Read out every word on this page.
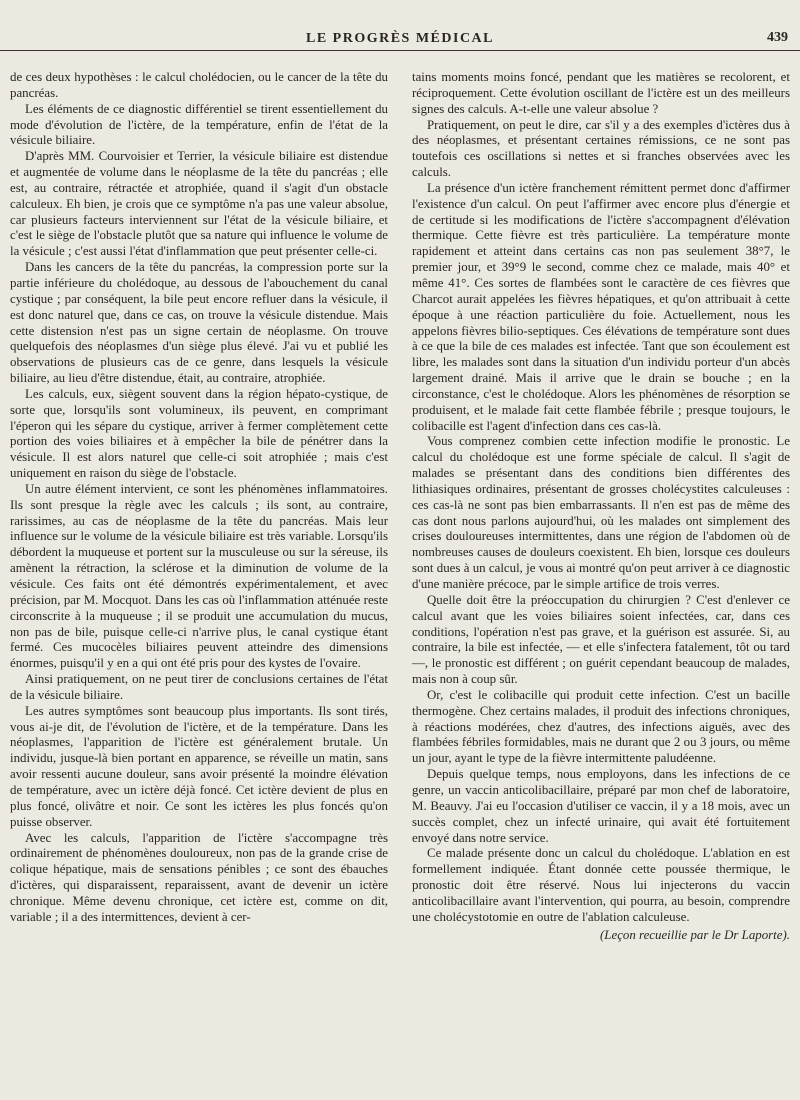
LE PROGRÈS MÉDICAL	439

de ces deux hypothèses : le calcul cholédocien, ou le cancer de la tête du pancréas.

Les éléments de ce diagnostic différentiel se tirent essentiellement du mode d'évolution de l'ictère, de la température, enfin de l'état de la vésicule biliaire.

D'après MM. Courvoisier et Terrier, la vésicule biliaire est distendue et augmentée de volume dans le néoplasme de la tête du pancréas ; elle est, au contraire, rétractée et atrophiée, quand il s'agit d'un obstacle calculeux. Eh bien, je crois que ce symptôme n'a pas une valeur absolue, car plusieurs facteurs interviennent sur l'état de la vésicule biliaire, et c'est le siège de l'obstacle plutôt que sa nature qui influence le volume de la vésicule ; c'est aussi l'état d'inflammation que peut présenter celle-ci.

Dans les cancers de la tête du pancréas, la compression porte sur la partie inférieure du cholédoque, au dessous de l'abouchement du canal cystique ; par conséquent, la bile peut encore refluer dans la vésicule, il est donc naturel que, dans ce cas, on trouve la vésicule distendue. Mais cette distension n'est pas un signe certain de néoplasme. On trouve quelquefois des néoplasmes d'un siège plus élevé. J'ai vu et publié les observations de plusieurs cas de ce genre, dans lesquels la vésicule biliaire, au lieu d'être distendue, était, au contraire, atrophiée.

Les calculs, eux, siègent souvent dans la région hépato-cystique, de sorte que, lorsqu'ils sont volumineux, ils peuvent, en comprimant l'éperon qui les sépare du cystique, arriver à fermer complètement cette portion des voies biliaires et à empêcher la bile de pénétrer dans la vésicule. Il est alors naturel que celle-ci soit atrophiée ; mais c'est uniquement en raison du siège de l'obstacle.

Un autre élément intervient, ce sont les phénomènes inflammatoires. Ils sont presque la règle avec les calculs ; ils sont, au contraire, rarissimes, au cas de néoplasme de la tête du pancréas. Mais leur influence sur le volume de la vésicule biliaire est très variable. Lorsqu'ils débordent la muqueuse et portent sur la musculeuse ou sur la séreuse, ils amènent la rétraction, la sclérose et la diminution de volume de la vésicule. Ces faits ont été démontrés expérimentalement, et avec précision, par M. Mocquot. Dans les cas où l'inflammation atténuée reste circonscrite à la muqueuse ; il se produit une accumulation du mucus, non pas de bile, puisque celle-ci n'arrive plus, le canal cystique étant fermé. Ces mucocèles biliaires peuvent atteindre des dimensions énormes, puisqu'il y en a qui ont été pris pour des kystes de l'ovaire.

Ainsi pratiquement, on ne peut tirer de conclusions certaines de l'état de la vésicule biliaire.

Les autres symptômes sont beaucoup plus importants. Ils sont tirés, vous ai-je dit, de l'évolution de l'ictère, et de la température. Dans les néoplasmes, l'apparition de l'ictère est généralement brutale. Un individu, jusque-là bien portant en apparence, se réveille un matin, sans avoir ressenti aucune douleur, sans avoir présenté la moindre élévation de température, avec un ictère déjà foncé. Cet ictère devient de plus en plus foncé, olivâtre et noir. Ce sont les ictères les plus foncés qu'on puisse observer.

Avec les calculs, l'apparition de l'ictère s'accompagne très ordinairement de phénomènes douloureux, non pas de la grande crise de colique hépatique, mais de sensations pénibles ; ce sont des ébauches d'ictères, qui disparaissent, reparaissent, avant de devenir un ictère chronique. Même devenu chronique, cet ictère est, comme on dit, variable ; il a des intermittences, devient à cer-

tains moments moins foncé, pendant que les matières se recolorent, et réciproquement. Cette évolution oscillant de l'ictère est un des meilleurs signes des calculs. A-t-elle une valeur absolue ?

Pratiquement, on peut le dire, car s'il y a des exemples d'ictères dus à des néoplasmes, et présentant certaines rémissions, ce ne sont pas toutefois ces oscillations si nettes et si franches observées avec les calculs.

La présence d'un ictère franchement rémittent permet donc d'affirmer l'existence d'un calcul. On peut l'affirmer avec encore plus d'énergie et de certitude si les modifications de l'ictère s'accompagnent d'élévation thermique. Cette fièvre est très particulière. La température monte rapidement et atteint dans certains cas non pas seulement 38°7, le premier jour, et 39°9 le second, comme chez ce malade, mais 40° et même 41°. Ces sortes de flambées sont le caractère de ces fièvres que Charcot aurait appelées les fièvres hépatiques, et qu'on attribuait à cette époque à une réaction particulière du foie. Actuellement, nous les appelons fièvres bilio-septiques. Ces élévations de température sont dues à ce que la bile de ces malades est infectée. Tant que son écoulement est libre, les malades sont dans la situation d'un individu porteur d'un abcès largement drainé. Mais il arrive que le drain se bouche ; en la circonstance, c'est le cholédoque. Alors les phénomènes de résorption se produisent, et le malade fait cette flambée fébrile ; presque toujours, le colibacille est l'agent d'infection dans ces cas-là.

Vous comprenez combien cette infection modifie le pronostic. Le calcul du cholédoque est une forme spéciale de calcul. Il s'agit de malades se présentant dans des conditions bien différentes des lithiasiques ordinaires, présentant de grosses cholécystites calculeuses : ces cas-là ne sont pas bien embarrassants. Il n'en est pas de même des cas dont nous parlons aujourd'hui, où les malades ont simplement des crises douloureuses intermittentes, dans une région de l'abdomen où de nombreuses causes de douleurs coexistent. Eh bien, lorsque ces douleurs sont dues à un calcul, je vous ai montré qu'on peut arriver à ce diagnostic d'une manière précoce, par le simple artifice de trois verres.

Quelle doit être la préoccupation du chirurgien ? C'est d'enlever ce calcul avant que les voies biliaires soient infectées, car, dans ces conditions, l'opération n'est pas grave, et la guérison est assurée. Si, au contraire, la bile est infectée, — et elle s'infectera fatalement, tôt ou tard —, le pronostic est différent ; on guérit cependant beaucoup de malades, mais non à coup sûr.

Or, c'est le colibacille qui produit cette infection. C'est un bacille thermogène. Chez certains malades, il produit des infections chroniques, à réactions modérées, chez d'autres, des infections aiguës, avec des flambées fébriles formidables, mais ne durant que 2 ou 3 jours, ou même un jour, ayant le type de la fièvre intermittente paludéenne.

Depuis quelque temps, nous employons, dans les infections de ce genre, un vaccin anticolibacillaire, préparé par mon chef de laboratoire, M. Beauvy. J'ai eu l'occasion d'utiliser ce vaccin, il y a 18 mois, avec un succès complet, chez un infecté urinaire, qui avait été fortuitement envoyé dans notre service.

Ce malade présente donc un calcul du cholédoque. L'ablation en est formellement indiquée. Étant donnée cette poussée thermique, le pronostic doit être réservé. Nous lui injecterons du vaccin anticolibacillaire avant l'intervention, qui pourra, au besoin, comprendre une cholécystotomie en outre de l'ablation calculeuse.

(Leçon recueillie par le Dr Laporte).
